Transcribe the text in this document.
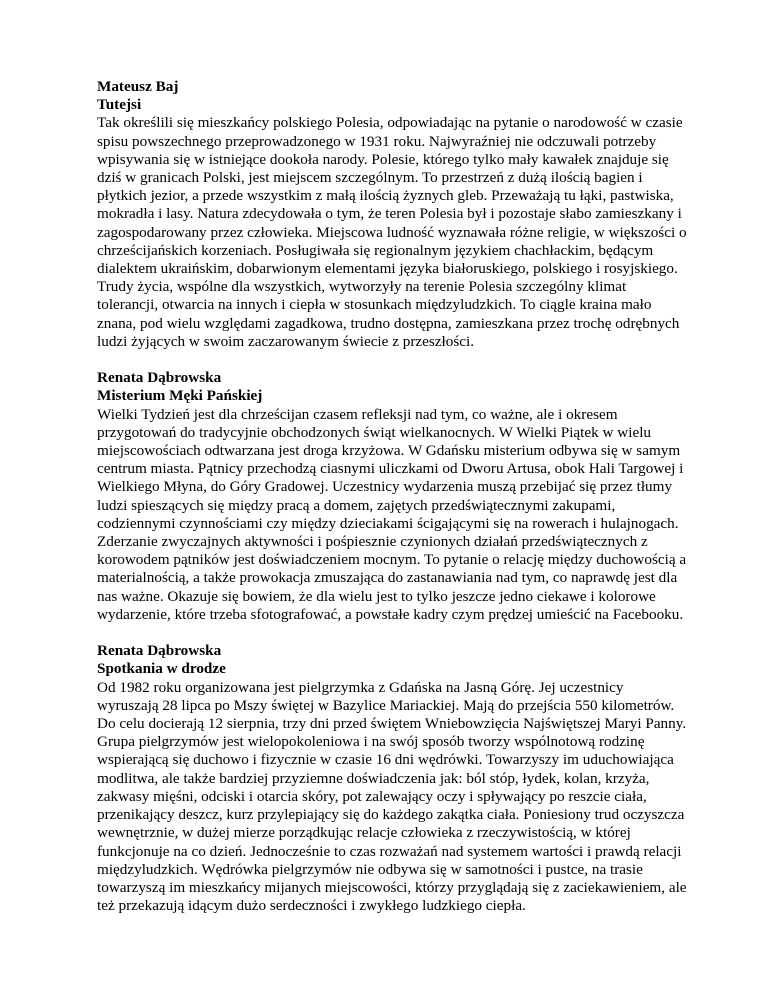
Mateusz Baj
Tutejsi
Tak określili się mieszkańcy polskiego Polesia, odpowiadając na pytanie o narodowość w czasie spisu powszechnego przeprowadzonego w 1931 roku. Najwyraźniej nie odczuwali potrzeby wpisywania się w istniejące dookoła narody. Polesie, którego tylko mały kawałek znajduje się dziś w granicach Polski, jest miejscem szczególnym. To przestrzeń z dużą ilością bagien i płytkich jezior, a przede wszystkim z małą ilością żyznych gleb. Przeważają tu łąki, pastwiska, mokradła i lasy. Natura zdecydowała o tym, że teren Polesia był i pozostaje słabo zamieszkany i zagospodarowany przez człowieka. Miejscowa ludność wyznawała różne religie, w większości o chrześcijańskich korzeniach. Posługiwała się regionalnym językiem chachłackim, będącym dialektem ukraińskim, dobarwionym elementami języka białoruskiego, polskiego i rosyjskiego. Trudy życia, wspólne dla wszystkich, wytworzyły na terenie Polesia szczególny klimat tolerancji, otwarcia na innych i ciepła w stosunkach międzyludzkich. To ciągle kraina mało znana, pod wielu względami zagadkowa, trudno dostępna, zamieszkana przez trochę odrębnych ludzi żyjących w swoim zaczarowanym świecie z przeszłości.
Renata Dąbrowska
Misterium Męki Pańskiej
Wielki Tydzień jest dla chrześcijan czasem refleksji nad tym, co ważne, ale i okresem przygotowań do tradycyjnie obchodzonych świąt wielkanocnych. W Wielki Piątek w wielu miejscowościach odtwarzana jest droga krzyżowa. W Gdańsku misterium odbywa się w samym centrum miasta. Pątnicy przechodzą ciasnymi uliczkami od Dworu Artusa, obok Hali Targowej i Wielkiego Młyna, do Góry Gradowej. Uczestnicy wydarzenia muszą przebijać się przez tłumy ludzi spieszących się między pracą a domem, zajętych przedświątecznymi zakupami, codziennymi czynnościami czy między dzieciakami ścigającymi się na rowerach i hulajnogach. Zderzanie zwyczajnych aktywności i pośpiesznie czynionych działań przedświątecznych z korowodem pątników jest doświadczeniem mocnym. To pytanie o relację między duchowością a materialnością, a także prowokacja zmuszająca do zastanawiania nad tym, co naprawdę jest dla nas ważne. Okazuje się bowiem, że dla wielu jest to tylko jeszcze jedno ciekawe i kolorowe wydarzenie, które trzeba sfotografować, a powstałe kadry czym prędzej umieścić na Facebooku.
Renata Dąbrowska
Spotkania w drodze
Od 1982 roku organizowana jest pielgrzymka z Gdańska na Jasną Górę. Jej uczestnicy wyruszają 28 lipca po Mszy świętej w Bazylice Mariackiej. Mają do przejścia 550 kilometrów. Do celu docierają 12 sierpnia, trzy dni przed świętem Wniebowzięcia Najświętszej Maryi Panny. Grupa pielgrzymów jest wielopokoleniowa i na swój sposób tworzy wspólnotową rodzinę wspierającą się duchowo i fizycznie w czasie 16 dni wędrówki. Towarzyszy im uduchowiająca modlitwa, ale także bardziej przyziemne doświadczenia jak: ból stóp, łydek, kolan, krzyża, zakwasy mięśni, odciski i otarcia skóry, pot zalewający oczy i spływający po reszcie ciała, przenikający deszcz, kurz przylepiający się do każdego zakątka ciała. Poniesiony trud oczyszcza wewnętrznie, w dużej mierze porządkując relacje człowieka z rzeczywistością, w której funkcjonuje na co dzień. Jednocześnie to czas rozważań nad systemem wartości i prawdą relacji międzyludzkich. Wędrówka pielgrzymów nie odbywa się w samotności i pustce, na trasie towarzyszą im mieszkańcy mijanych miejscowości, którzy przyglądają się z zaciekawieniem, ale też przekazują idącym dużo serdeczności i zwykłego ludzkiego ciepła.
